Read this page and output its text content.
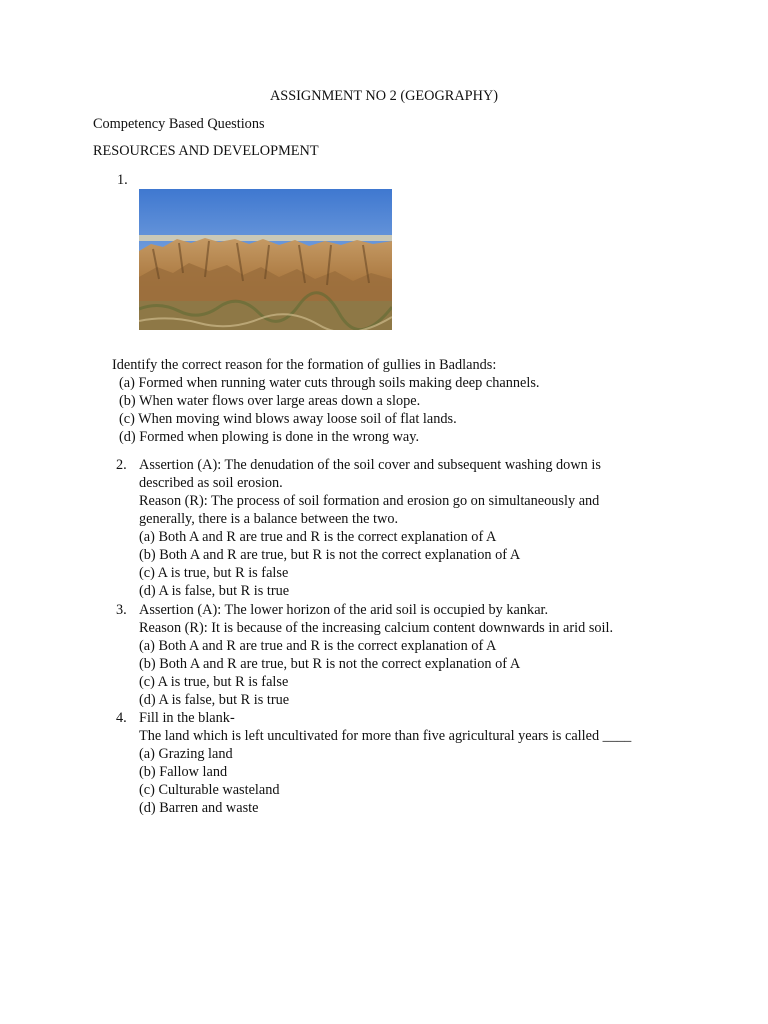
ASSIGNMENT NO 2 (GEOGRAPHY)
Competency Based Questions
RESOURCES AND DEVELOPMENT
1.
Identify the correct reason for the formation of gullies in Badlands:
(a) Formed when running water cuts through soils making deep channels.
(b) When water flows over large areas down a slope.
(c) When moving wind blows away loose soil of flat lands.
(d) Formed when plowing is done in the wrong way.
2. Assertion (A): The denudation of the soil cover and subsequent washing down is
described as soil erosion.
Reason (R): The process of soil formation and erosion go on simultaneously and
generally, there is a balance between the two.
(a) Both A and R are true and R is the correct explanation of A
(b) Both A and R are true, but R is not the correct explanation of A
(c) A is true, but R is false
(d) A is false, but R is true
3. Assertion (A): The lower horizon of the arid soil is occupied by kankar.
Reason (R): It is because of the increasing calcium content downwards in arid soil.
(a) Both A and R are true and R is the correct explanation of A
(b) Both A and R are true, but R is not the correct explanation of A
(c) A is true, but R is false
(d) A is false, but R is true
4. Fill in the blank-
The land which is left uncultivated for more than five agricultural years is called ____
(a) Grazing land
(b) Fallow land
(c) Culturable wasteland
(d) Barren and waste
